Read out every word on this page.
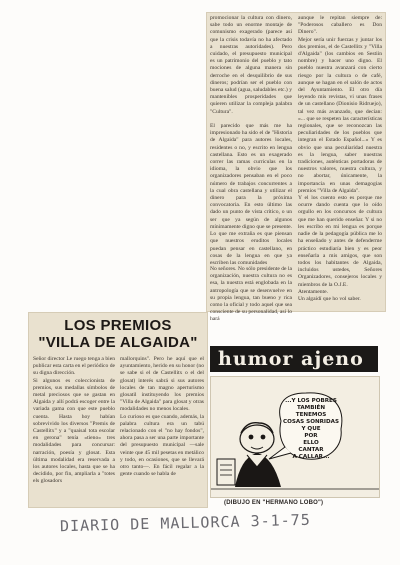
promocionar la cultura con dinero, sabe todo un enorme montaje de comunismo exagerado (parece así que la crisis todavía no ha afectado a nuestras autoridades). Pero cuidado, el presupuesto municipal es un patrimonio del pueblo y tato mociones de alguna manera sin derroche en el desquilibrio de sus dineros; podrían ser el pueblo con buena salud (agua, saludables etc.) y mantenibles prosperidades que quieren utilizar la compleja palabra "Cultura".

El parecido que más me ha impresionado ha sido el de "Historia de Algaida" para autores locales, residentes o no, y escrito en lengua castellana. Esto es un exagerado correr las ramas curriculas en la idioma, la obvio que los organizadores pensaban en el poco número de trabajos concurrentes a la cual obra castellana y utilizar el dinero para la próxima convocatoria. En esto último las dado un punto de vista crítico, o un ser que ya según de algunos mínimamente digno que se presente. Lo que me extraña es que piensan que nuestros eruditos locales puedan pensar en castellano, en cosas de la lengua en que ya escriben las comunidades
aunque le repitan siempre de: "Poderosos caballero es Don Dinero".
Mejor sería unir fuerzas y juntar los dos premios, el de Castellitx y "Villa d'Algaida" (los cambios en Sestiin nombre) y hacer uno digno. El pueblo nuestra avanzará con cierto riesgo por la cultura o de café, aunque se hagan en el salón de actos del Ayuntamiento. El otro día leyendo mis revistas, vi unas frases de un castellano (Dionisio Ridruejo), tal vez más avanzado, que decían: «... que se respeten las características regionales, que se reconozcan las peculiaridades de los pueblos que integran el Estado Español...» Y es obvio que una peculiaridad nuestra es la lengua, saber nuestras tradiciones, auténticas portadoras de nuestros valores, nuestra cultura, y no abortar, únicamente, la importancia en unas demagogias premios "Villa de Algaida".
Y el los cuento esto es porque me ocurre dando cuenta que lo oído orgullo en los concursos de cultura que me han querido enseñar. Y si no les escribo en mi lengua es porque nadie de la pedagogía pública me lo ha enseñado y antes de defenderme práctico estudiaría bien y es peor enseñarla a mis amigos, que son todos los habitantes de Algaida, incluidos ustedes, Señores Organizadores, consejeros locales y miembros de la O.J.E.
Atentamente.
Un algaidí que ho vol saber.
No señores. No sólo presidente de la organización, nuestra cultura no es esa, la nuestra está englobada en la antropología que se desenvuelve en su propia lengua, tan bueno y rica como la oficial y todo aquel que sea consciente de su personalidad, así lo hará
LOS PREMIOS
"VILLA DE ALGAIDA"
Señor director Le ruego tenga a bien publicar esta carta en el periódico de su digna dirección.
Si algunos es coleccionista de premios, sus medallas símbolos de metal preciosos que se gastan en Algaida y allí podrá escoger entre la variada gama con que este pueblo cuenta. Hasta hoy habían sobrevivido los diversos "Premis de Castellitx" y a "quaisal tota escolar en gerona" tenía «tieno» tres modalidades para concursar: narración, poesía y glosat. Esta última modalidad era reservada a los autores locales, hasta que se ha decidido, por fin, ampliarla a "totes els glosadors
mallorquins". Pero he aquí que el ayuntamiento, herido en su honor (no se sabe si el de Castellitx o el del glosat) interés sabrá si sus autores locales de tan magno aperturismo glosatil instituyendo los premios "Villa de Algaida" para glosat y otras modalidades no menos locales.
Lo curioso es que cuando, además, la palabra cultura era un tabú relacionado con el "no hay fondos", ahora pasa a ser una parte importante del presupuesto municipal —sale veinte que 45 mil pesetas en metálico y todo, en ocasiones, que se llevará otro tanto—. En fácil regalar a la gente cuando se habla de
humor ajeno
...Y LOS POBRES
TAMBIÉN TENEMOS
COSAS SONRIDAS
Y QUE
POR
ELLO
CANTAR
A CALLAR...
(DIBUJO EN "HERMANO LOBO")
DIARIO DE MALLORCA 3-1-75
